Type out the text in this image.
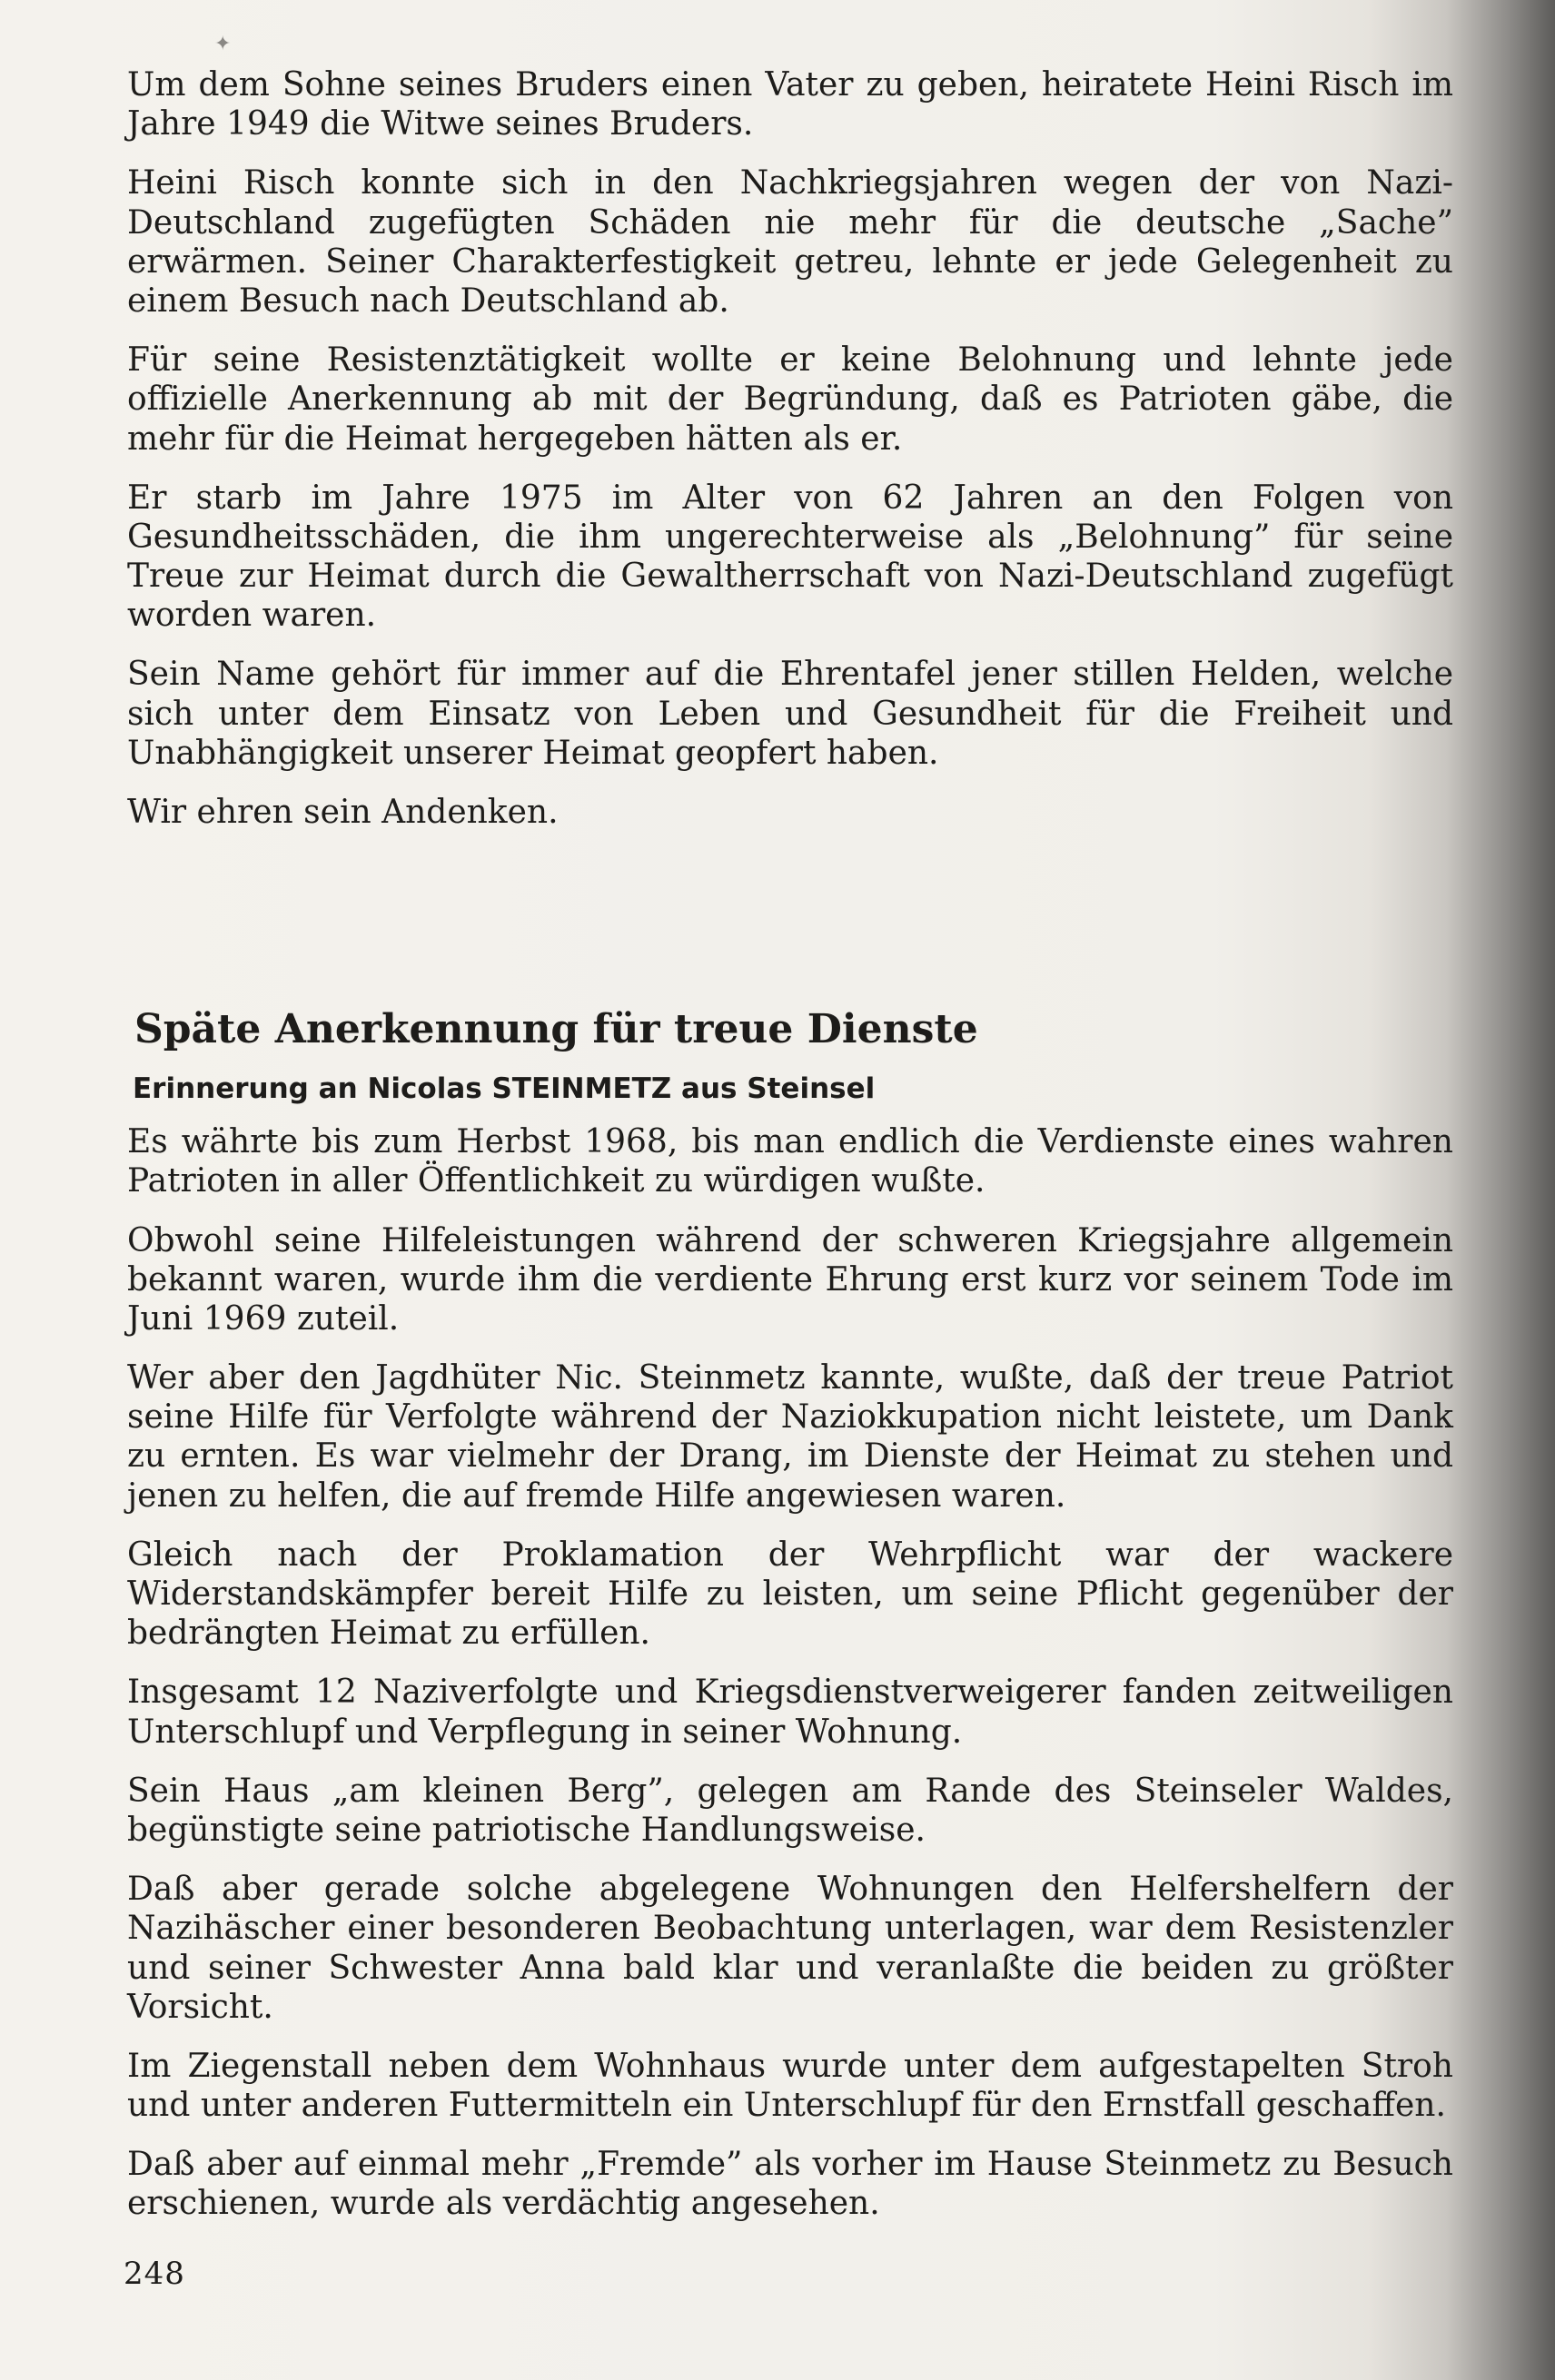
✦

Um dem Sohne seines Bruders einen Vater zu geben, heiratete Heini Risch im Jahre 1949 die Witwe seines Bruders.

Heini Risch konnte sich in den Nachkriegsjahren wegen der von Nazi-Deutschland zugefügten Schäden nie mehr für die deutsche „Sache” erwärmen. Seiner Charakterfestigkeit getreu, lehnte er jede Gelegenheit zu einem Besuch nach Deutschland ab.

Für seine Resistenztätigkeit wollte er keine Belohnung und lehnte jede offizielle Anerkennung ab mit der Begründung, daß es Patrioten gäbe, die mehr für die Heimat hergegeben hätten als er.

Er starb im Jahre 1975 im Alter von 62 Jahren an den Folgen von Gesundheitsschäden, die ihm ungerechterweise als „Belohnung” für seine Treue zur Heimat durch die Gewaltherrschaft von Nazi-Deutschland zugefügt worden waren.

Sein Name gehört für immer auf die Ehrentafel jener stillen Helden, welche sich unter dem Einsatz von Leben und Gesundheit für die Freiheit und Unabhängigkeit unserer Heimat geopfert haben.

Wir ehren sein Andenken.

Späte Anerkennung für treue Dienste
Erinnerung an Nicolas STEINMETZ aus Steinsel

Es währte bis zum Herbst 1968, bis man endlich die Verdienste eines wahren Patrioten in aller Öffentlichkeit zu würdigen wußte.

Obwohl seine Hilfeleistungen während der schweren Kriegsjahre allgemein bekannt waren, wurde ihm die verdiente Ehrung erst kurz vor seinem Tode im Juni 1969 zuteil.

Wer aber den Jagdhüter Nic. Steinmetz kannte, wußte, daß der treue Patriot seine Hilfe für Verfolgte während der Naziokkupation nicht leistete, um Dank zu ernten. Es war vielmehr der Drang, im Dienste der Heimat zu stehen und jenen zu helfen, die auf fremde Hilfe angewiesen waren.

Gleich nach der Proklamation der Wehrpflicht war der wackere Widerstandskämpfer bereit Hilfe zu leisten, um seine Pflicht gegenüber der bedrängten Heimat zu erfüllen.

Insgesamt 12 Naziverfolgte und Kriegsdienstverweigerer fanden zeitweiligen Unterschlupf und Verpflegung in seiner Wohnung.

Sein Haus „am kleinen Berg”, gelegen am Rande des Steinseler Waldes, begünstigte seine patriotische Handlungsweise.

Daß aber gerade solche abgelegene Wohnungen den Helfershelfern der Nazihäscher einer besonderen Beobachtung unterlagen, war dem Resistenzler und seiner Schwester Anna bald klar und veranlaßte die beiden zu größter Vorsicht.

Im Ziegenstall neben dem Wohnhaus wurde unter dem aufgestapelten Stroh und unter anderen Futtermitteln ein Unterschlupf für den Ernstfall geschaffen.

Daß aber auf einmal mehr „Fremde” als vorher im Hause Steinmetz zu Besuch erschienen, wurde als verdächtig angesehen.

248
